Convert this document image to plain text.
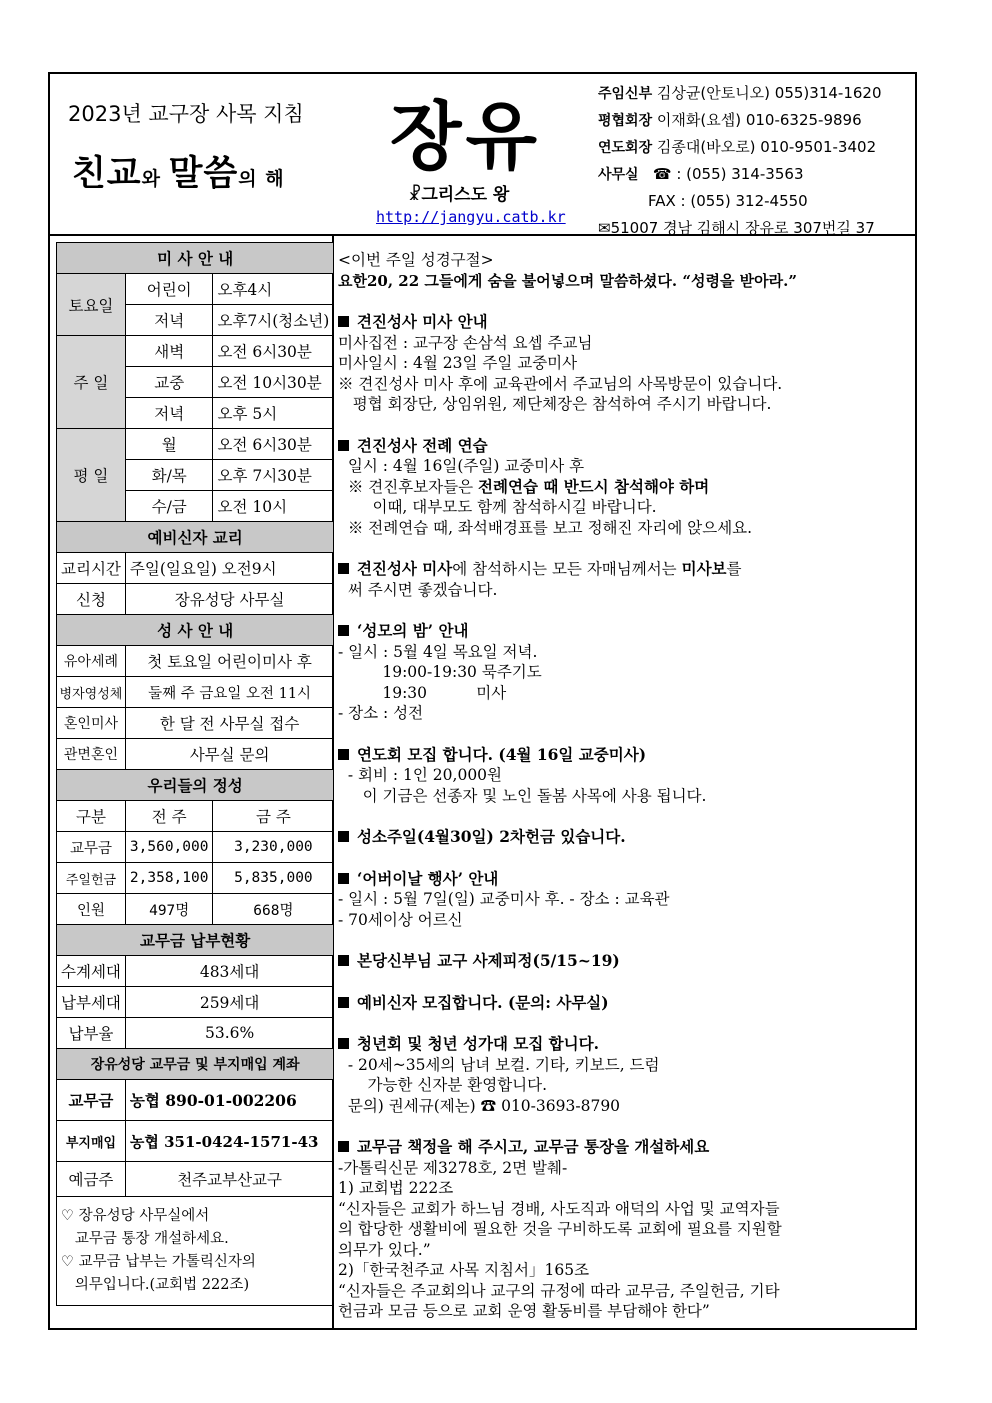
2023년 교구장 사목 지침
친교와 말씀의 해 장유
☧그리스도 왕
http://jangyu.catb.kr
주임신부 김상균(안토니오) 055)314-1620
평협회장 이재화(요셉) 010-6325-9896
연도회장 김종대(바오로) 010-9501-3402
사무실 ☎ : (055) 314-3563
FAX : (055) 312-4550
✉51007 경남 김해시 장유로 307번길 37
미 사 안 내		
토요일	어린이	오후4시
	저녁	오후7시(청소년)
주 일	새벽	오전 6시30분
	교중	오전 10시30분
	저녁	오후 5시
평 일	월	오전 6시30분
	화/목	오후 7시30분
	수/금	오전 10시
예비신자 교리		
교리시간	주일(일요일) 오전9시	
신청	장유성당 사무실	
성 사 안 내		
유아세례	첫 토요일 어린이미사 후	
병자영성체	둘째 주 금요일 오전 11시	
혼인미사	한 달 전 사무실 접수	
관면혼인	사무실 문의	
우리들의 정성		
구분	전 주	금 주
교무금	3,560,000	3,230,000
주일헌금	2,358,100	5,835,000
인원	497명	668명
교무금 납부현황		
수계세대	483세대	
납부세대	259세대	
납부율	53.6%	
장유성당 교무금 및 부지매입 계좌		
교무금	농협 890-01-002206	
부지매입	농협 351-0424-1571-43	
예금주	천주교부산교구	

♡ 장유성당 사무실에서
교무금 통장 개설하세요.
♡ 교무금 납부는 가톨릭신자의
의무입니다.(교회법 222조)		
<이번 주일 성경구절>
요한20, 22 그들에게 숨을 불어넣으며 말씀하셨다. “성령을 받아라.”
견진성사 미사 안내
미사집전 : 교구장 손삼석 요셉 주교님
미사일시 : 4월 23일 주일 교중미사
※ 견진성사 미사 후에 교육관에서 주교님의 사목방문이 있습니다.
평협 회장단, 상임위원, 제단체장은 참석하여 주시기 바랍니다.
견진성사 전례 연습
일시 : 4월 16일(주일) 교중미사 후
※ 견진후보자들은 전례연습 때 반드시 참석해야 하며
이때, 대부모도 함께 참석하시길 바랍니다.
※ 전례연습 때, 좌석배경표를 보고 정해진 자리에 앉으세요.
견진성사 미사에 참석하시는 모든 자매님께서는 미사보를
써 주시면 좋겠습니다.
‘성모의 밤’ 안내
- 일시 : 5월 4일 목요일 저녁.
19:00-19:30 묵주기도
19:30          미사
- 장소 : 성전
연도회 모집 합니다. (4월 16일 교중미사)
- 회비 : 1인 20,000원
이 기금은 선종자 및 노인 돌봄 사목에 사용 됩니다.
성소주일(4월30일) 2차헌금 있습니다.
‘어버이날 행사’ 안내
- 일시 : 5월 7일(일) 교중미사 후. - 장소 : 교육관
- 70세이상 어르신
본당신부님 교구 사제피정(5/15~19)
예비신자 모집합니다. (문의: 사무실)
청년회 및 청년 성가대 모집 합니다.
- 20세~35세의 남녀 보컬. 기타, 키보드, 드럼
가능한 신자분 환영합니다.
문의) 권세규(제논) ☎ 010-3693-8790
교무금 책정을 해 주시고, 교무금 통장을 개설하세요
-가톨릭신문 제3278호, 2면 발췌-
1) 교회법 222조
“신자들은 교회가 하느님 경배, 사도직과 애덕의 사업 및 교역자들
의 합당한 생활비에 필요한 것을 구비하도록 교회에 필요를 지원할
의무가 있다.”
2)「한국천주교 사목 지침서」165조
“신자들은 주교회의나 교구의 규정에 따라 교무금, 주일헌금, 기타
헌금과 모금 등으로 교회 운영 활동비를 부담해야 한다”
